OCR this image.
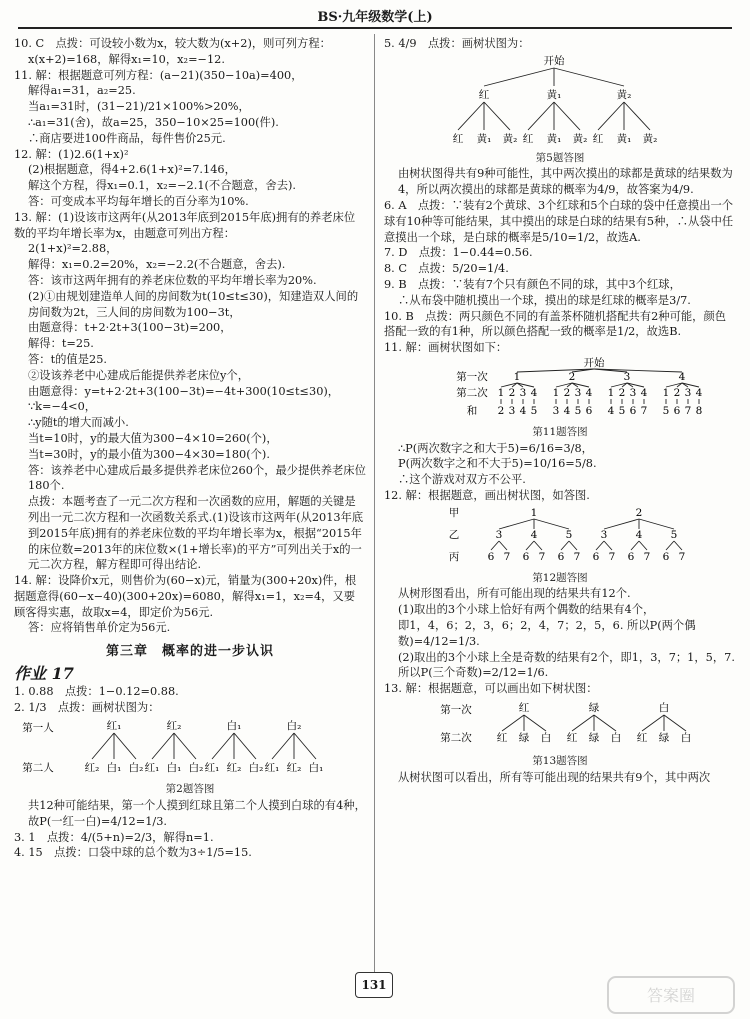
BS·九年级数学(上)
10. C　点拨：可设较小数为x，较大数为(x+2)，则可列方程：
x(x+2)=168，解得x₁=10，x₂=−12.
11. 解：根据题意可列方程：(a−21)(350−10a)=400，
解得a₁=31，a₂=25.
当a₁=31时，(31−21)/21×100%>20%，
∴a₁=31(舍)，故a=25，350−10×25=100(件).
∴商店要进100件商品，每件售价25元.
12. 解：(1)2.6(1+x)²
(2)根据题意，得4+2.6(1+x)²=7.146，
解这个方程，得x₁=0.1，x₂=−2.1(不合题意，舍去).
答：可变成本平均每年增长的百分率为10%.
13. 解：(1)设该市这两年(从2013年底到2015年底)拥有的养老床位数的平均年增长率为x，由题意可列出方程：
2(1+x)²=2.88，
解得：x₁=0.2=20%，x₂=−2.2(不合题意，舍去).
答：该市这两年拥有的养老床位数的平均年增长率为20%.
(2)①由规划建造单人间的房间数为t(10≤t≤30)，知建造双人间的房间数为2t，三人间的房间数为100−3t，
由题意得：t+2·2t+3(100−3t)=200，
解得：t=25.
答：t的值是25.
②设该养老中心建成后能提供养老床位y个，
由题意得：y=t+2·2t+3(100−3t)=−4t+300(10≤t≤30)，
∵k=−4<0，
∴y随t的增大而减小.
当t=10时，y的最大值为300−4×10=260(个)，
当t=30时，y的最小值为300−4×30=180(个).
答：该养老中心建成后最多提供养老床位260个，最少提供养老床位180个.
点拨：本题考查了一元二次方程和一次函数的应用，解题的关键是列出一元二次方程和一次函数关系式.(1)设该市这两年(从2013年底到2015年底)拥有的养老床位数的平均年增长率为x，根据“2015年的床位数=2013年的床位数×(1+增长率)的平方”可列出关于x的一元二次方程，解方程即可得出结论.
14. 解：设降价x元，则售价为(60−x)元，销量为(300+20x)件，根据题意得(60−x−40)(300+20x)=6080，解得x₁=1，x₂=4，又要顾客得实惠，故取x=4，即定价为56元.
答：应将销售单价定为56元.
第三章　概率的进一步认识
作业 17
1. 0.88　点拨：1−0.12=0.88.
2. 1/3　点拨：画树状图为：
第一人
第二人
红₁
红₂ 白₁ 白₂
红₂
红₁ 白₁ 白₂
白₁
红₁ 红₂ 白₂
白₂
红₁ 红₂ 白₁
第2题答图
共12种可能结果，第一个人摸到红球且第二个人摸到白球的有4种，故P(一红一白)=4/12=1/3.
3. 1　点拨：4/(5+n)=2/3，解得n=1.
4. 15　点拨：口袋中球的总个数为3÷1/5=15.
5. 4/9　点拨：画树状图为：
开始
红
红 黄₁ 黄₂
黄₁
红 黄₁ 黄₂
黄₂
红 黄₁ 黄₂
第5题答图
由树状图得共有9种可能性，其中两次摸出的球都是黄球的结果数为4，所以两次摸出的球都是黄球的概率为4/9，故答案为4/9.
6. A　点拨：∵装有2个黄球、3个红球和5个白球的袋中任意摸出一个球有10种等可能结果，其中摸出的球是白球的结果有5种，∴从袋中任意摸出一个球，是白球的概率是5/10=1/2，故选A.
7. D　点拨：1−0.44=0.56.
8. C　点拨：5/20=1/4.
9. B　点拨：∵装有7个只有颜色不同的球，其中3个红球，
∴从布袋中随机摸出一个球，摸出的球是红球的概率是3/7.
10. B　点拨：两只颜色不同的有盖茶杯随机搭配共有2种可能，颜色搭配一致的有1种，所以颜色搭配一致的概率是1/2，故选B.
11. 解：画树状图如下：
开始
第一次
第二次
和
1
1
2
2
3
3
4
4
5
2
1
3
2
4
3
5
4
6
3
1
4
2
5
3
6
4
7
4
1
5
2
6
3
7
4
8
第11题答图
∴P(两次数字之和大于5)=6/16=3/8，
P(两次数字之和不大于5)=10/16=5/8.
∴这个游戏对双方不公平.
12. 解：根据题意，画出树状图，如答图.
甲
乙
丙
1
3
6 7
4
6 7
5
6 7
2
3
6 7
4
6 7
5
6 7
第12题答图
从树形图看出，所有可能出现的结果共有12个.
(1)取出的3个小球上恰好有两个偶数的结果有4个，
即1，4，6；2，3，6；2，4，7；2，5，6. 所以P(两个偶数)=4/12=1/3.
(2)取出的3个小球上全是奇数的结果有2个，即1，3，7；1，5，7. 所以P(三个奇数)=2/12=1/6.
13. 解：根据题意，可以画出如下树状图：
第一次
第二次
红
红 绿 白
绿
红 绿 白
白
红 绿 白
第13题答图
从树状图可以看出，所有等可能出现的结果共有9个，其中两次
131
答案圈
